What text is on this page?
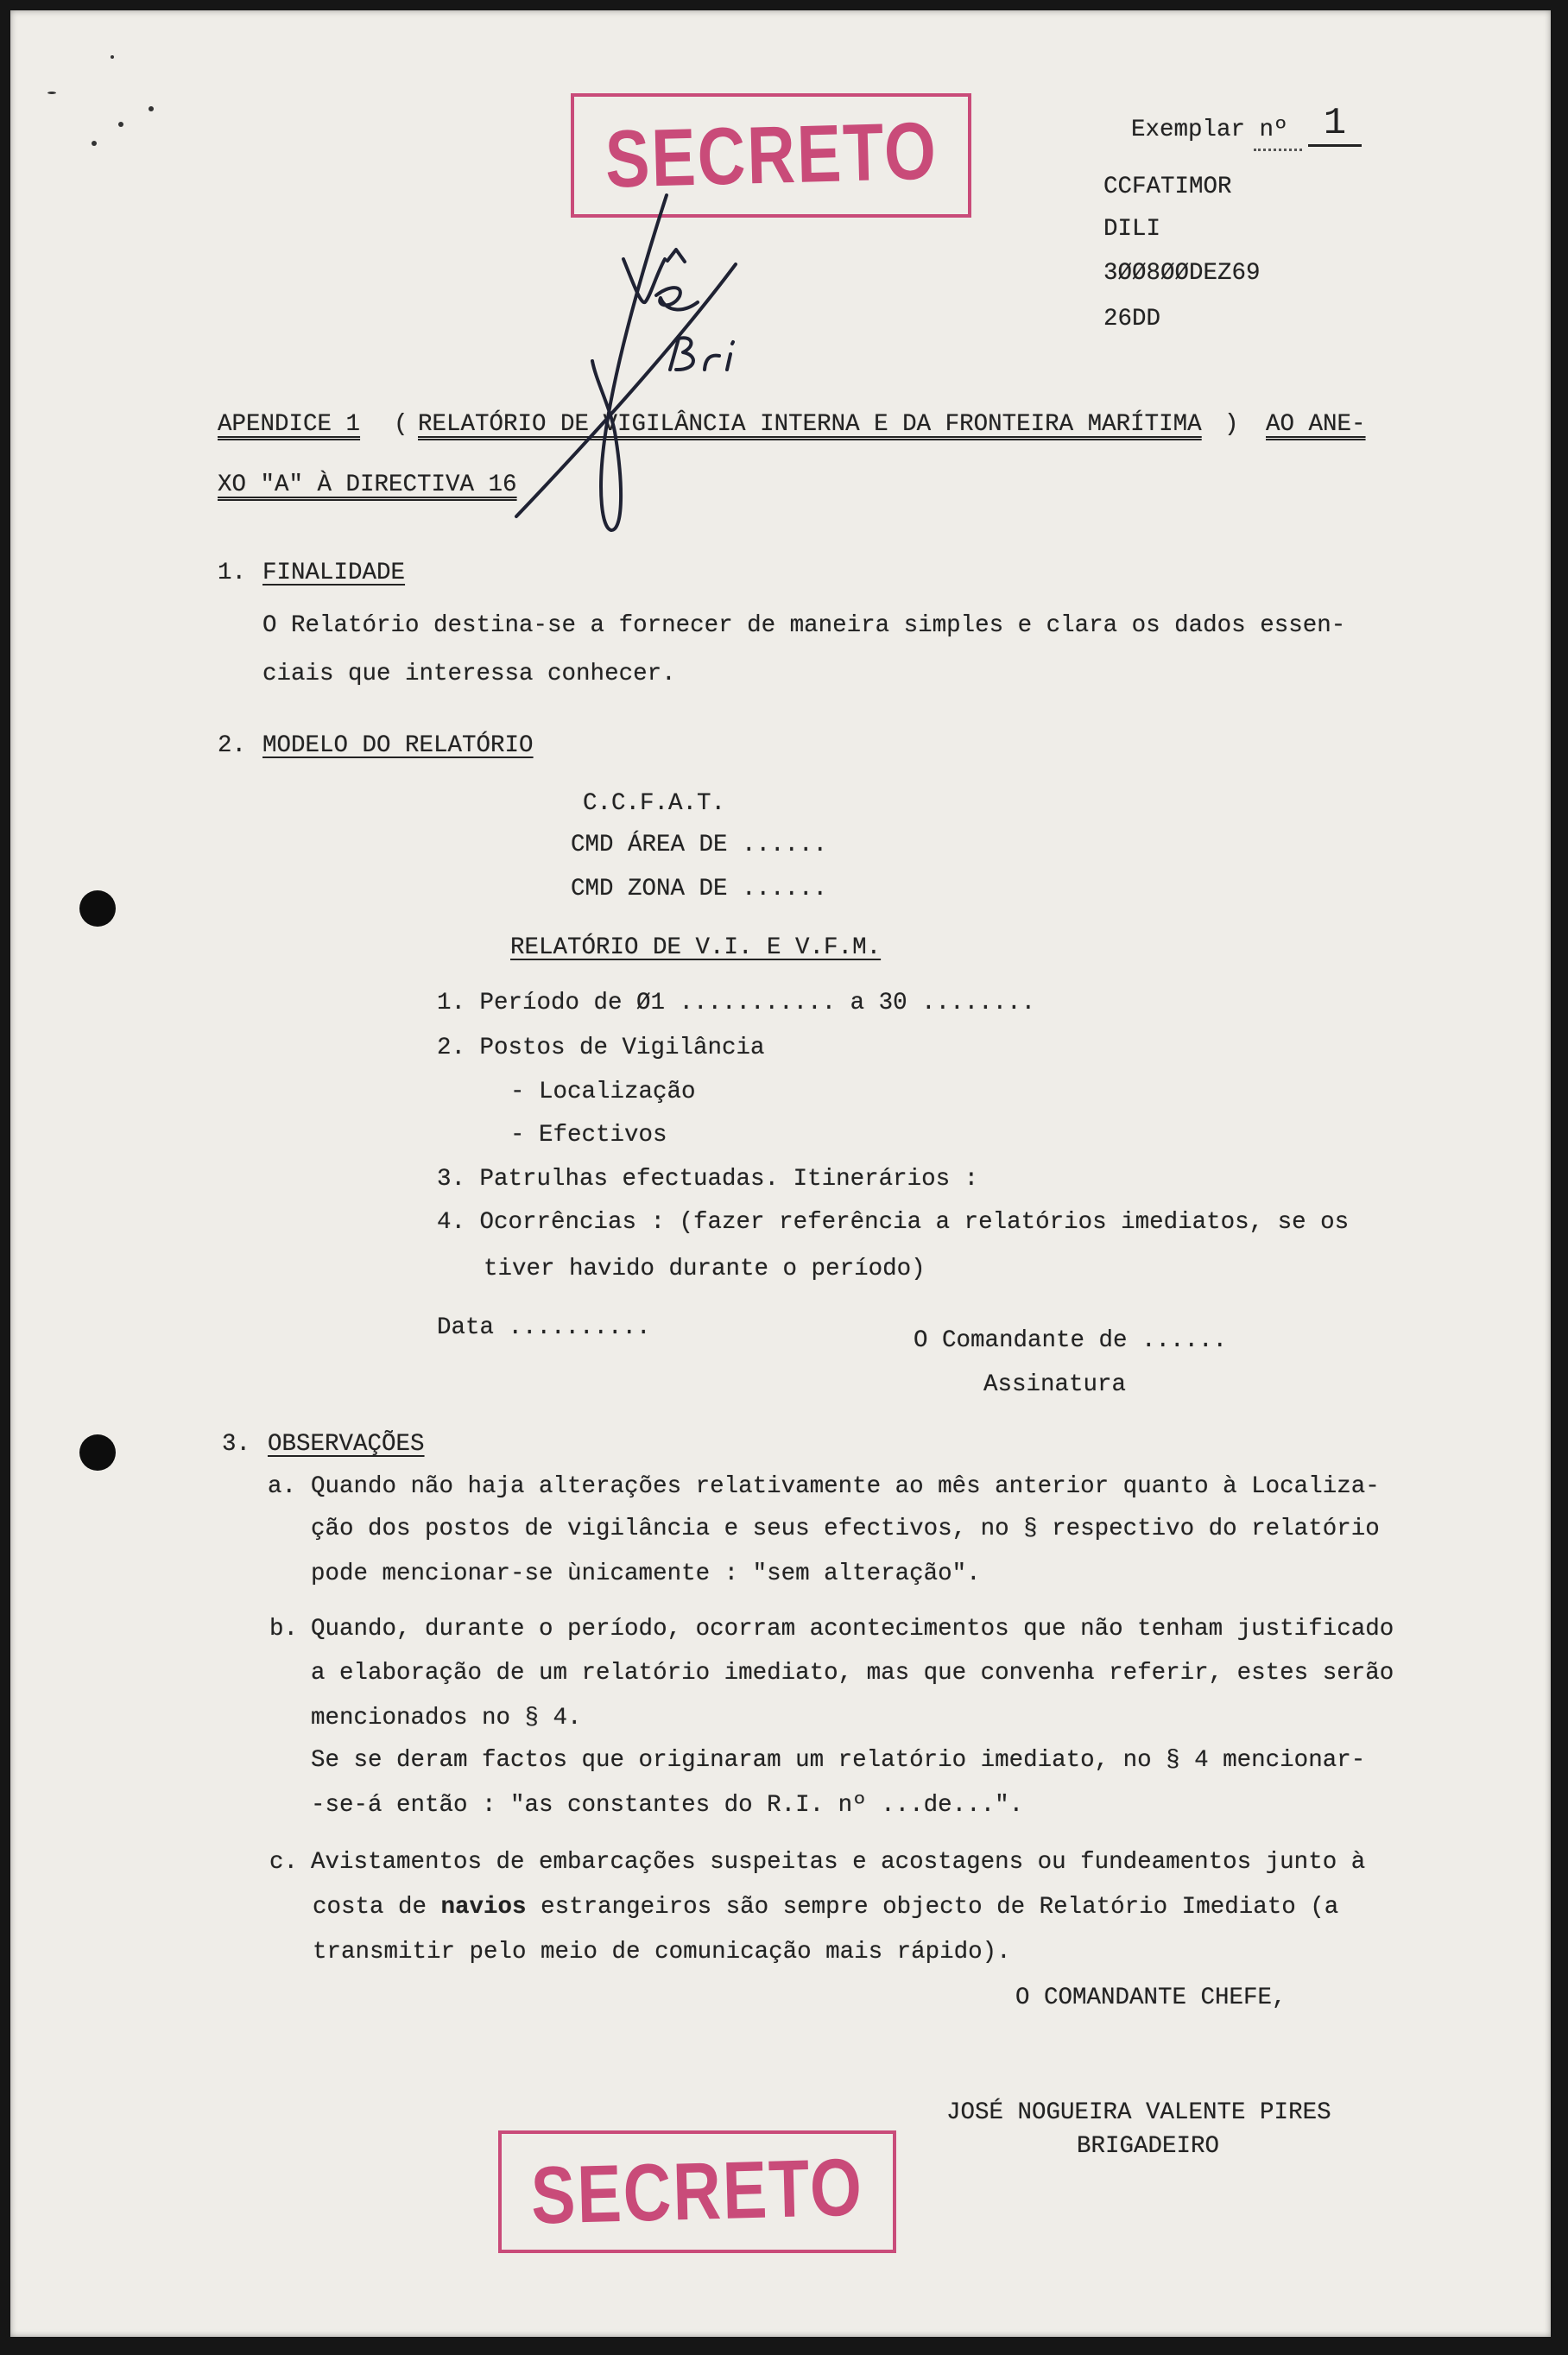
SECRETO	Exemplar nº 1
CCFATIMOR
DILI
3ØØ8ØØDEZ69
26DD
APENDICE 1 ( RELATÓRIO DE VIGILÂNCIA INTERNA E DA FRONTEIRA MARÍTIMA ) AO ANE-
XO "A" À DIRECTIVA 16
1. FINALIDADE
O Relatório destina-se a fornecer de maneira simples e clara os dados essen-
ciais que interessa conhecer.
2. MODELO DO RELATÓRIO
C.C.F.A.T.
CMD ÁREA DE ......
CMD ZONA DE ......
RELATÓRIO DE V.I. E V.F.M.
1. Período de Ø1 ........... a 30 ........
2. Postos de Vigilância
- Localização
- Efectivos
3. Patrulhas efectuadas. Itinerários :
4. Ocorrências : (fazer referência a relatórios imediatos, se os
tiver havido durante o período)
Data ..........	O Comandante de ......
Assinatura
3. OBSERVAÇÕES
a. Quando não haja alterações relativamente ao mês anterior quanto à Localiza-
ção dos postos de vigilância e seus efectivos, no § respectivo do relatório
pode mencionar-se ùnicamente : "sem alteração".
b. Quando, durante o período, ocorram acontecimentos que não tenham justificado
a elaboração de um relatório imediato, mas que convenha referir, estes serão
mencionados no § 4.
Se se deram factos que originaram um relatório imediato, no § 4 mencionar-
-se-á então : "as constantes do R.I. nº ...de...".
c. Avistamentos de embarcações suspeitas e acostagens ou fundeamentos junto à
costa de navios estrangeiros são sempre objecto de Relatório Imediato (a
transmitir pelo meio de comunicação mais rápido).
O COMANDANTE CHEFE,
JOSÉ NOGUEIRA VALENTE PIRES
BRIGADEIRO
SECRETO
